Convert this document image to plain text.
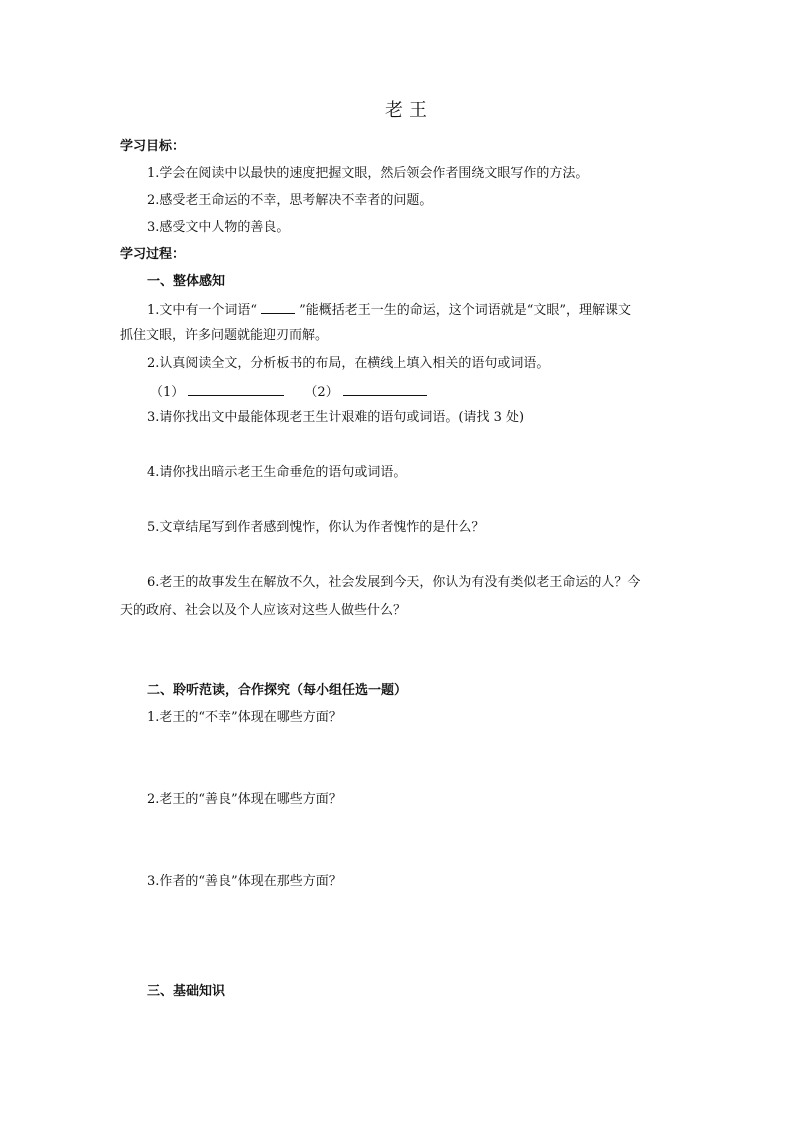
老王
学习目标：
1.学会在阅读中以最快的速度把握文眼，然后领会作者围绕文眼写作的方法。
2.感受老王命运的不幸，思考解决不幸者的问题。
3.感受文中人物的善良。
学习过程：
一、整体感知
1.文中有一个词语“	”能概括老王一生的命运，这个词语就是“文眼”，理解课文
抓住文眼，许多问题就能迎刃而解。
2.认真阅读全文，分析板书的布局，在横线上填入相关的语句或词语。
（1）	（2）
3.请你找出文中最能体现老王生计艰难的语句或词语。(请找 3 处)
4.请你找出暗示老王生命垂危的语句或词语。
5.文章结尾写到作者感到愧怍，你认为作者愧怍的是什么？
6.老王的故事发生在解放不久，社会发展到今天，你认为有没有类似老王命运的人？今
天的政府、社会以及个人应该对这些人做些什么？
二、聆听范读，合作探究（每小组任选一题）
1.老王的“不幸”体现在哪些方面？
2.老王的“善良”体现在哪些方面？
3.作者的“善良”体现在那些方面？
三、基础知识
